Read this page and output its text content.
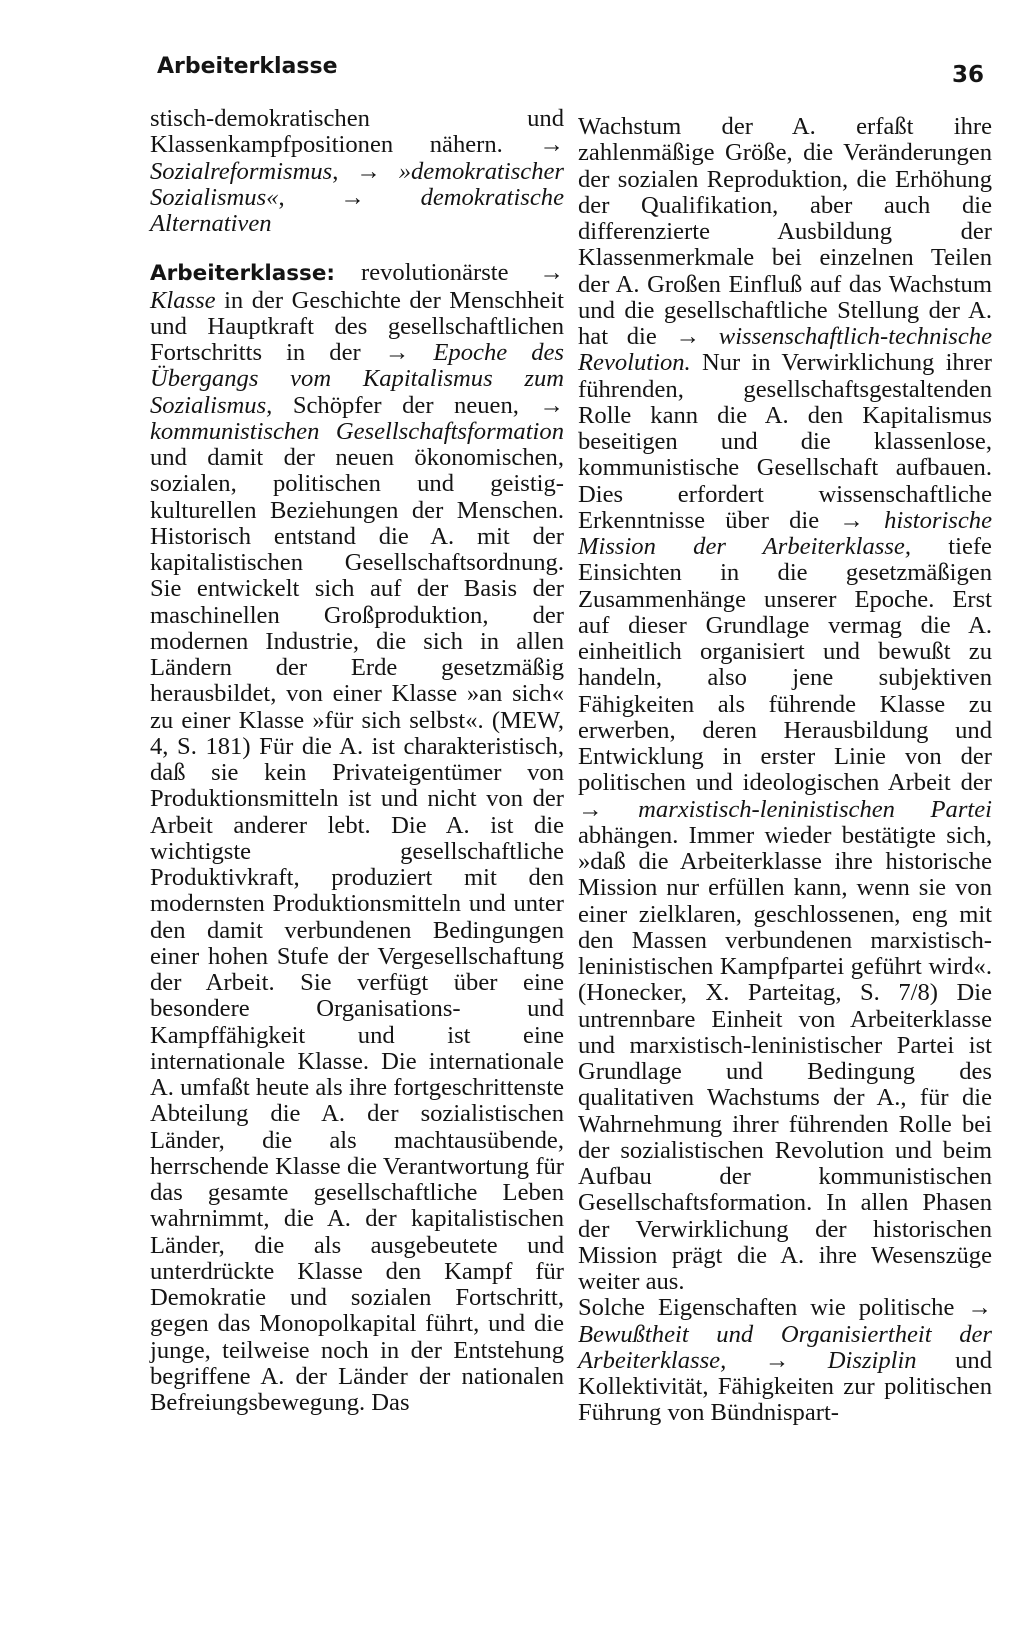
Arbeiterklasse	36

stisch-demokratischen und Klassenkampfpositionen nähern. → Sozialreformismus, → »demokratischer Sozialismus«, → demokratische Alternativen

Arbeiterklasse: revolutionärste → Klasse in der Geschichte der Menschheit und Hauptkraft des gesellschaftlichen Fortschritts in der → Epoche des Übergangs vom Kapitalismus zum Sozialismus, Schöpfer der neuen, → kommunistischen Gesellschaftsformation und damit der neuen ökonomischen, sozialen, politischen und geistig-kulturellen Beziehungen der Menschen. Historisch entstand die A. mit der kapitalistischen Gesellschaftsordnung. Sie entwickelt sich auf der Basis der maschinellen Großproduktion, der modernen Industrie, die sich in allen Ländern der Erde gesetzmäßig herausbildet, von einer Klasse »an sich« zu einer Klasse »für sich selbst«. (MEW, 4, S. 181) Für die A. ist charakteristisch, daß sie kein Privateigentümer von Produktionsmitteln ist und nicht von der Arbeit anderer lebt. Die A. ist die wichtigste gesellschaftliche Produktivkraft, produziert mit den modernsten Produktionsmitteln und unter den damit verbundenen Bedingungen einer hohen Stufe der Vergesellschaftung der Arbeit. Sie verfügt über eine besondere Organisations- und Kampffähigkeit und ist eine internationale Klasse. Die internationale A. umfaßt heute als ihre fortgeschrittenste Abteilung die A. der sozialistischen Länder, die als machtausübende, herrschende Klasse die Verantwortung für das gesamte gesellschaftliche Leben wahrnimmt, die A. der kapitalistischen Länder, die als ausgebeutete und unterdrückte Klasse den Kampf für Demokratie und sozialen Fortschritt, gegen das Monopolkapital führt, und die junge, teilweise noch in der Entstehung begriffene A. der Länder der nationalen Befreiungsbewegung. Das

Wachstum der A. erfaßt ihre zahlenmäßige Größe, die Veränderungen der sozialen Reproduktion, die Erhöhung der Qualifikation, aber auch die differenzierte Ausbildung der Klassenmerkmale bei einzelnen Teilen der A. Großen Einfluß auf das Wachstum und die gesellschaftliche Stellung der A. hat die → wissenschaftlich-technische Revolution. Nur in Verwirklichung ihrer führenden, gesellschaftsgestaltenden Rolle kann die A. den Kapitalismus beseitigen und die klassenlose, kommunistische Gesellschaft aufbauen. Dies erfordert wissenschaftliche Erkenntnisse über die → historische Mission der Arbeiterklasse, tiefe Einsichten in die gesetzmäßigen Zusammenhänge unserer Epoche. Erst auf dieser Grundlage vermag die A. einheitlich organisiert und bewußt zu handeln, also jene subjektiven Fähigkeiten als führende Klasse zu erwerben, deren Herausbildung und Entwicklung in erster Linie von der politischen und ideologischen Arbeit der → marxistisch-leninistischen Partei abhängen. Immer wieder bestätigte sich, »daß die Arbeiterklasse ihre historische Mission nur erfüllen kann, wenn sie von einer zielklaren, geschlossenen, eng mit den Massen verbundenen marxistisch-leninistischen Kampfpartei geführt wird«. (Honecker, X. Parteitag, S. 7/8) Die untrennbare Einheit von Arbeiterklasse und marxistisch-leninistischer Partei ist Grundlage und Bedingung des qualitativen Wachstums der A., für die Wahrnehmung ihrer führenden Rolle bei der sozialistischen Revolution und beim Aufbau der kommunistischen Gesellschaftsformation. In allen Phasen der Verwirklichung der historischen Mission prägt die A. ihre Wesenszüge weiter aus.

Solche Eigenschaften wie politische → Bewußtheit und Organisiertheit der Arbeiterklasse, → Disziplin und Kollektivität, Fähigkeiten zur politischen Führung von Bündnispart-
